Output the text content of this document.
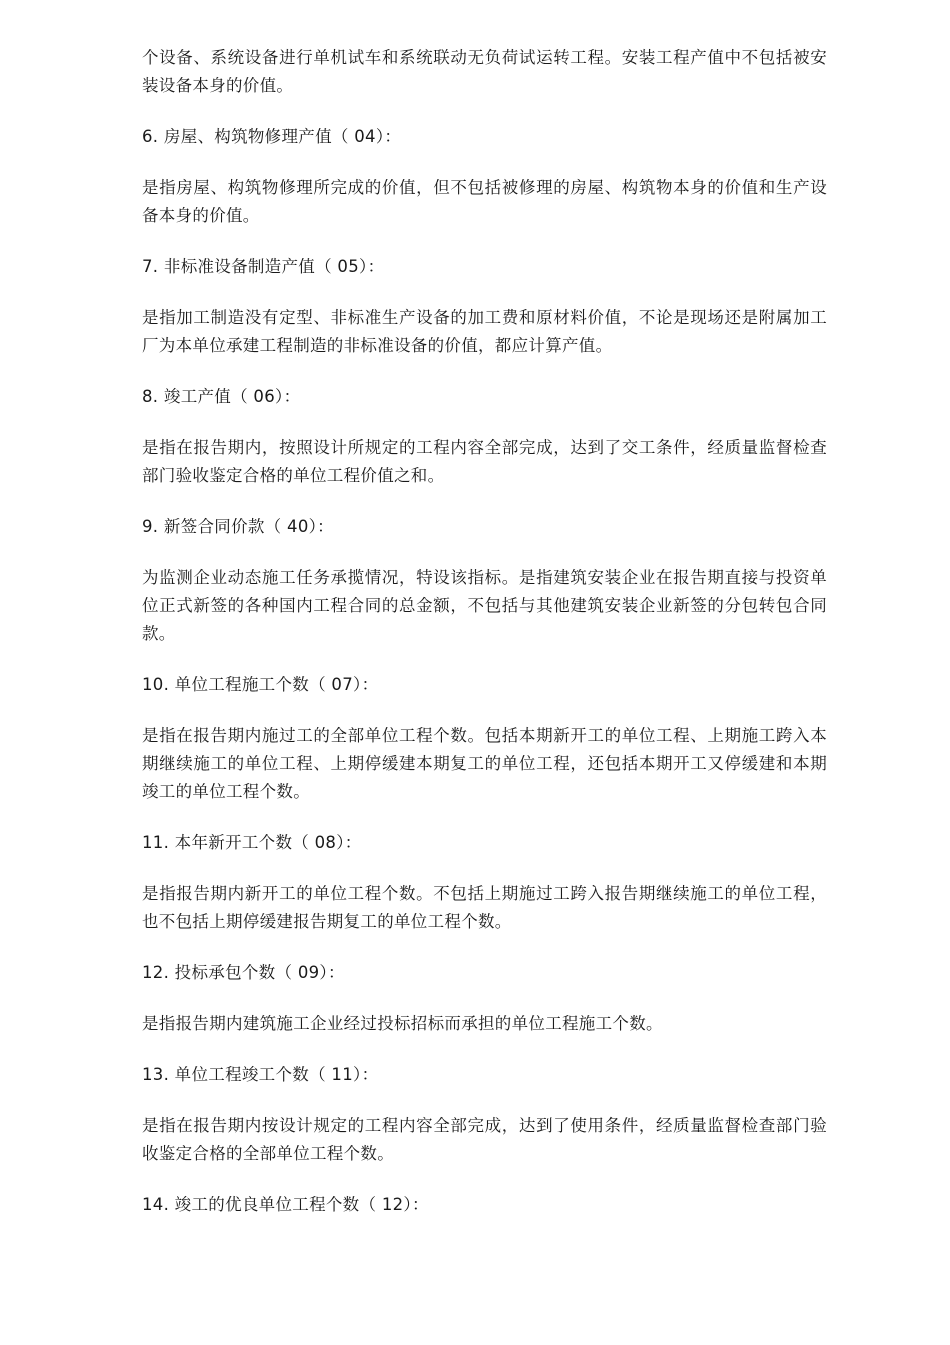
个设备、系统设备进行单机试车和系统联动无负荷试运转工程。安装工程产值中不包括被安装设备本身的价值。

6. 房屋、构筑物修理产值（ 04）：

是指房屋、构筑物修理所完成的价值，但不包括被修理的房屋、构筑物本身的价值和生产设备本身的价值。

7. 非标准设备制造产值（ 05）：

是指加工制造没有定型、非标准生产设备的加工费和原材料价值，不论是现场还是附属加工厂为本单位承建工程制造的非标准设备的价值，都应计算产值。

8. 竣工产值（ 06）：

是指在报告期内，按照设计所规定的工程内容全部完成，达到了交工条件，经质量监督检查部门验收鉴定合格的单位工程价值之和。

9. 新签合同价款（ 40）：

为监测企业动态施工任务承揽情况，特设该指标。是指建筑安装企业在报告期直接与投资单位正式新签的各种国内工程合同的总金额，不包括与其他建筑安装企业新签的分包转包合同款。

10. 单位工程施工个数（ 07）：

是指在报告期内施过工的全部单位工程个数。包括本期新开工的单位工程、上期施工跨入本期继续施工的单位工程、上期停缓建本期复工的单位工程，还包括本期开工又停缓建和本期竣工的单位工程个数。

11. 本年新开工个数（ 08）：

是指报告期内新开工的单位工程个数。不包括上期施过工跨入报告期继续施工的单位工程，也不包括上期停缓建报告期复工的单位工程个数。

12. 投标承包个数（ 09）：

是指报告期内建筑施工企业经过投标招标而承担的单位工程施工个数。

13. 单位工程竣工个数（ 11）：

是指在报告期内按设计规定的工程内容全部完成，达到了使用条件，经质量监督检查部门验收鉴定合格的全部单位工程个数。

14. 竣工的优良单位工程个数（ 12）：
